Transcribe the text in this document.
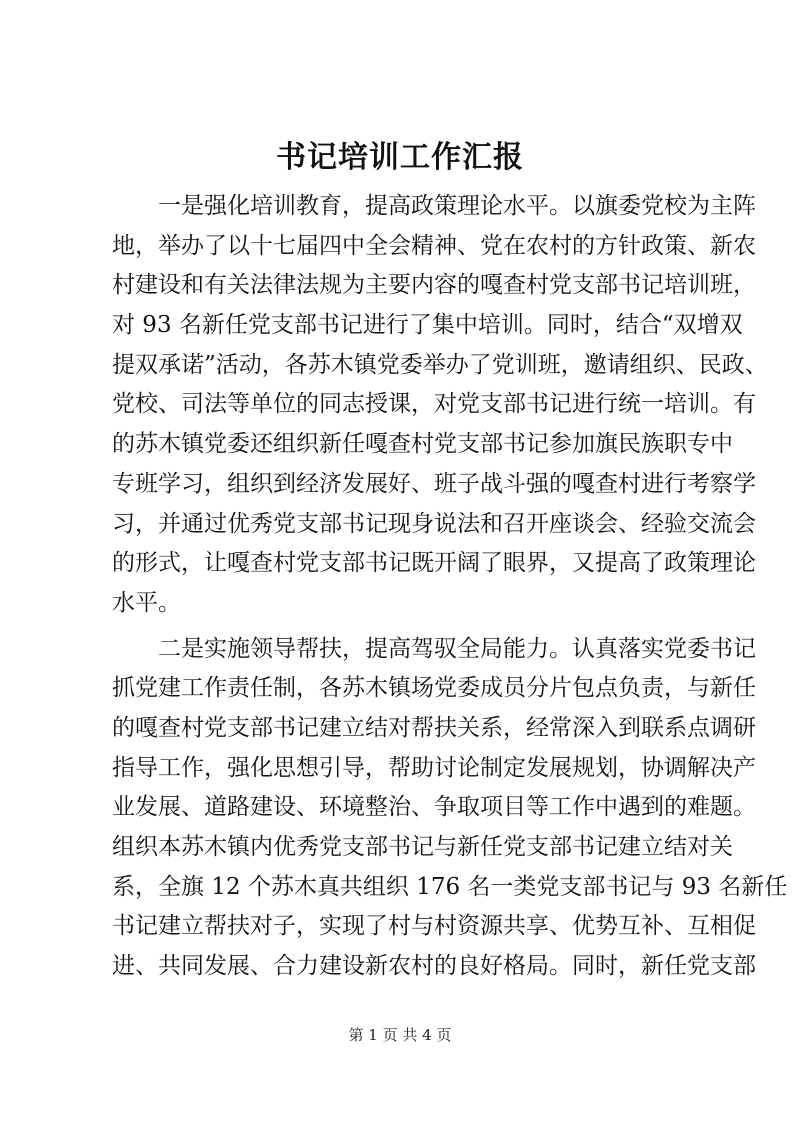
书记培训工作汇报
一是强化培训教育，提高政策理论水平。以旗委党校为主阵
地，举办了以十七届四中全会精神、党在农村的方针政策、新农
村建设和有关法律法规为主要内容的嘎查村党支部书记培训班，
对 93 名新任党支部书记进行了集中培训。同时，结合“双增双
提双承诺”活动，各苏木镇党委举办了党训班，邀请组织、民政、
党校、司法等单位的同志授课，对党支部书记进行统一培训。有
的苏木镇党委还组织新任嘎查村党支部书记参加旗民族职专中
专班学习，组织到经济发展好、班子战斗强的嘎查村进行考察学
习，并通过优秀党支部书记现身说法和召开座谈会、经验交流会
的形式，让嘎查村党支部书记既开阔了眼界，又提高了政策理论
水平。
二是实施领导帮扶，提高驾驭全局能力。认真落实党委书记
抓党建工作责任制，各苏木镇场党委成员分片包点负责，与新任
的嘎查村党支部书记建立结对帮扶关系，经常深入到联系点调研
指导工作，强化思想引导，帮助讨论制定发展规划，协调解决产
业发展、道路建设、环境整治、争取项目等工作中遇到的难题。
组织本苏木镇内优秀党支部书记与新任党支部书记建立结对关
系，全旗 12 个苏木真共组织 176 名一类党支部书记与 93 名新任
书记建立帮扶对子，实现了村与村资源共享、优势互补、互相促
进、共同发展、合力建设新农村的良好格局。同时，新任党支部
第 1 页 共 4 页
